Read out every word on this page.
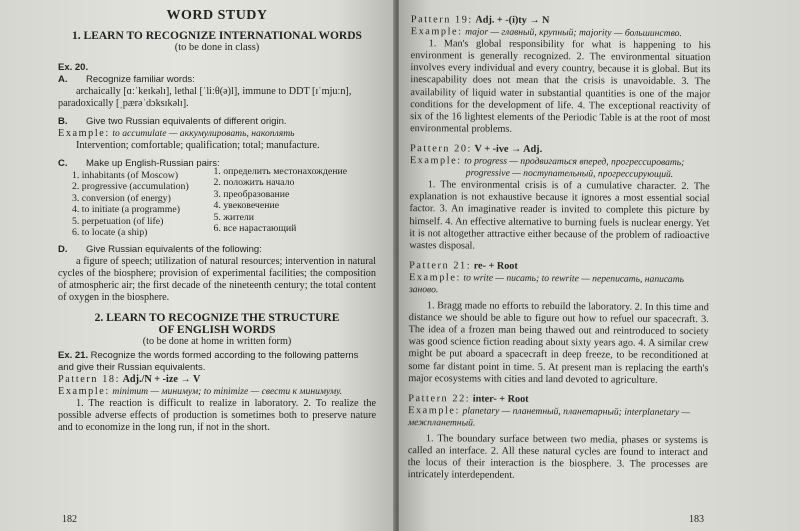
WORD STUDY
1. LEARN TO RECOGNIZE INTERNATIONAL WORDS
(to be done in class)
Ex. 20.
A. Recognize familiar words:
archaically [ɑːˈkeɪkəlɪ], lethal [ˈliːθ(ə)l], immune to DDT [ɪˈmjuːn],
paradoxically [ˌpærəˈdɔksɪkəlɪ].
B. Give two Russian equivalents of different origin.
Example: to accumulate — аккумулировать, накоплять
Intervention; comfortable; qualification; total; manufacture.
C. Make up English-Russian pairs:
1. inhabitants (of Moscow)
2. progressive (accumulation)
3. conversion (of energy)
4. to initiate (a programme)
5. perpetuation (of life)
6. to locate (a ship)
1. определить местонахождение
2. положить начало
3. преобразование
4. увековечение
5. жители
6. все нарастающий
D. Give Russian equivalents of the following:
a figure of speech; utilization of natural resources; intervention in natural cycles of the biosphere; provision of experimental facilities; the composition of atmospheric air; the first decade of the nineteenth century; the total content of oxygen in the biosphere.
2. LEARN TO RECOGNIZE THE STRUCTURE
OF ENGLISH WORDS
(to be done at home in written form)
Ex. 21. Recognize the words formed according to the following patterns and give their Russian equivalents.
Pattern 18: Adj./N + -ize → V
Example: minimum — минимум; to minimize — свести к минимуму.
1. The reaction is difficult to realize in laboratory. 2. To realize the possible adverse effects of production is sometimes both to preserve nature and to economize in the long run, if not in the short.
182
Pattern 19: Adj. + -(i)ty → N
Example: major — главный, крупный; majority — большинство.
1. Man's global responsibility for what is happening to his environment is generally recognized. 2. The environmental situation involves every individual and every country, because it is global. But its inescapability does not mean that the crisis is unavoidable. 3. The availability of liquid water in substantial quantities is one of the major conditions for the development of life. 4. The exceptional reactivity of six of the 16 lightest elements of the Periodic Table is at the root of most environmental problems.
Pattern 20: V + -ive → Adj.
Example: to progress — продвигаться вперед, прогрессировать;
progressive — поступательный, прогрессирующий.
1. The environmental crisis is of a cumulative character. 2. The explanation is not exhaustive because it ignores a most essential social factor. 3. An imaginative reader is invited to complete this picture by himself. 4. An effective alternative to burning fuels is nuclear energy. Yet it is not altogether attractive either because of the problem of radioactive wastes disposal.
Pattern 21: re- + Root
Example: to write — писать; to rewrite — переписать, написать заново.
1. Bragg made no efforts to rebuild the laboratory. 2. In this time and distance we should be able to figure out how to refuel our spacecraft. 3. The idea of a frozen man being thawed out and reintroduced to society was good science fiction reading about sixty years ago. 4. A similar crew might be put aboard a spacecraft in deep freeze, to be reconditioned at some far distant point in time. 5. At present man is replacing the earth's major ecosystems with cities and land devoted to agriculture.
Pattern 22: inter- + Root
Example: planetary — планетный, планетарный; interplanetary — межпланетный.
1. The boundary surface between two media, phases or systems is called an interface. 2. All these natural cycles are found to interact and the locus of their interaction is the biosphere. 3. The processes are intricately interdependent.
183
